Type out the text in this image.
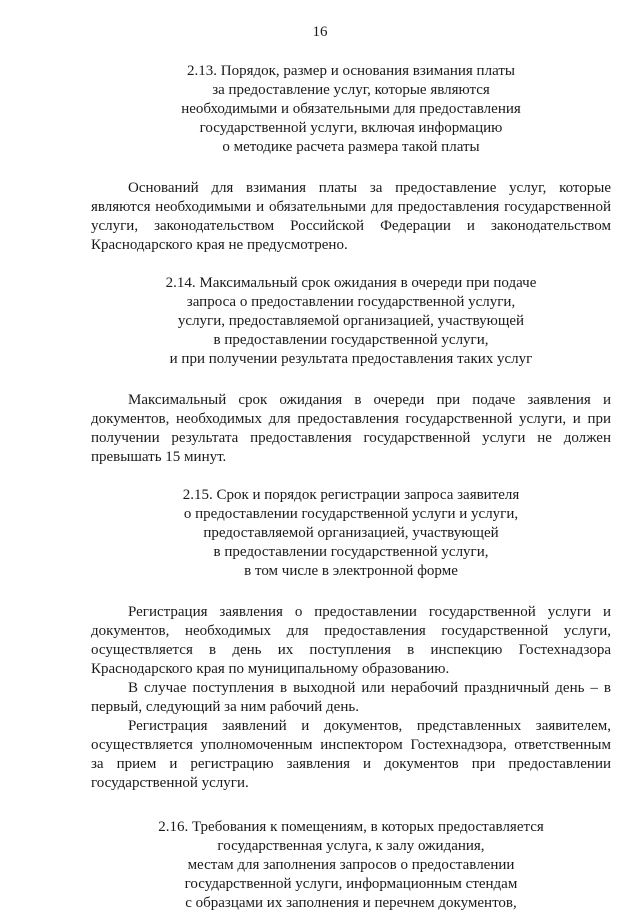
16
2.13. Порядок, размер и основания взимания платы
за предоставление услуг, которые являются
необходимыми и обязательными для предоставления
государственной услуги, включая информацию
о методике расчета размера такой платы

Оснований для взимания платы за предоставление услуг, которые являются необходимыми и обязательными для предоставления государственной услуги, законодательством Российской Федерации и законодательством Краснодарского края не предусмотрено.

2.14. Максимальный срок ожидания в очереди при подаче
запроса о предоставлении государственной услуги,
услуги, предоставляемой организацией, участвующей
в предоставлении государственной услуги,
и при получении результата предоставления таких услуг

Максимальный срок ожидания в очереди при подаче заявления и документов, необходимых для предоставления государственной услуги, и при получении результата предоставления государственной услуги не должен превышать 15 минут.

2.15. Срок и порядок регистрации запроса заявителя
о предоставлении государственной услуги и услуги,
предоставляемой организацией, участвующей
в предоставлении государственной услуги,
в том числе в электронной форме

Регистрация заявления о предоставлении государственной услуги и документов, необходимых для предоставления государственной услуги, осуществляется в день их поступления в инспекцию Гостехнадзора Краснодарского края по муниципальному образованию.

В случае поступления в выходной или нерабочий праздничный день – в первый, следующий за ним рабочий день.

Регистрация заявлений и документов, представленных заявителем, осуществляется уполномоченным инспектором Гостехнадзора, ответственным за прием и регистрацию заявления и документов при предоставлении государственной услуги.

2.16. Требования к помещениям, в которых предоставляется
государственная услуга, к залу ожидания,
местам для заполнения запросов о предоставлении
государственной услуги, информационным стендам
с образцами их заполнения и перечнем документов,
